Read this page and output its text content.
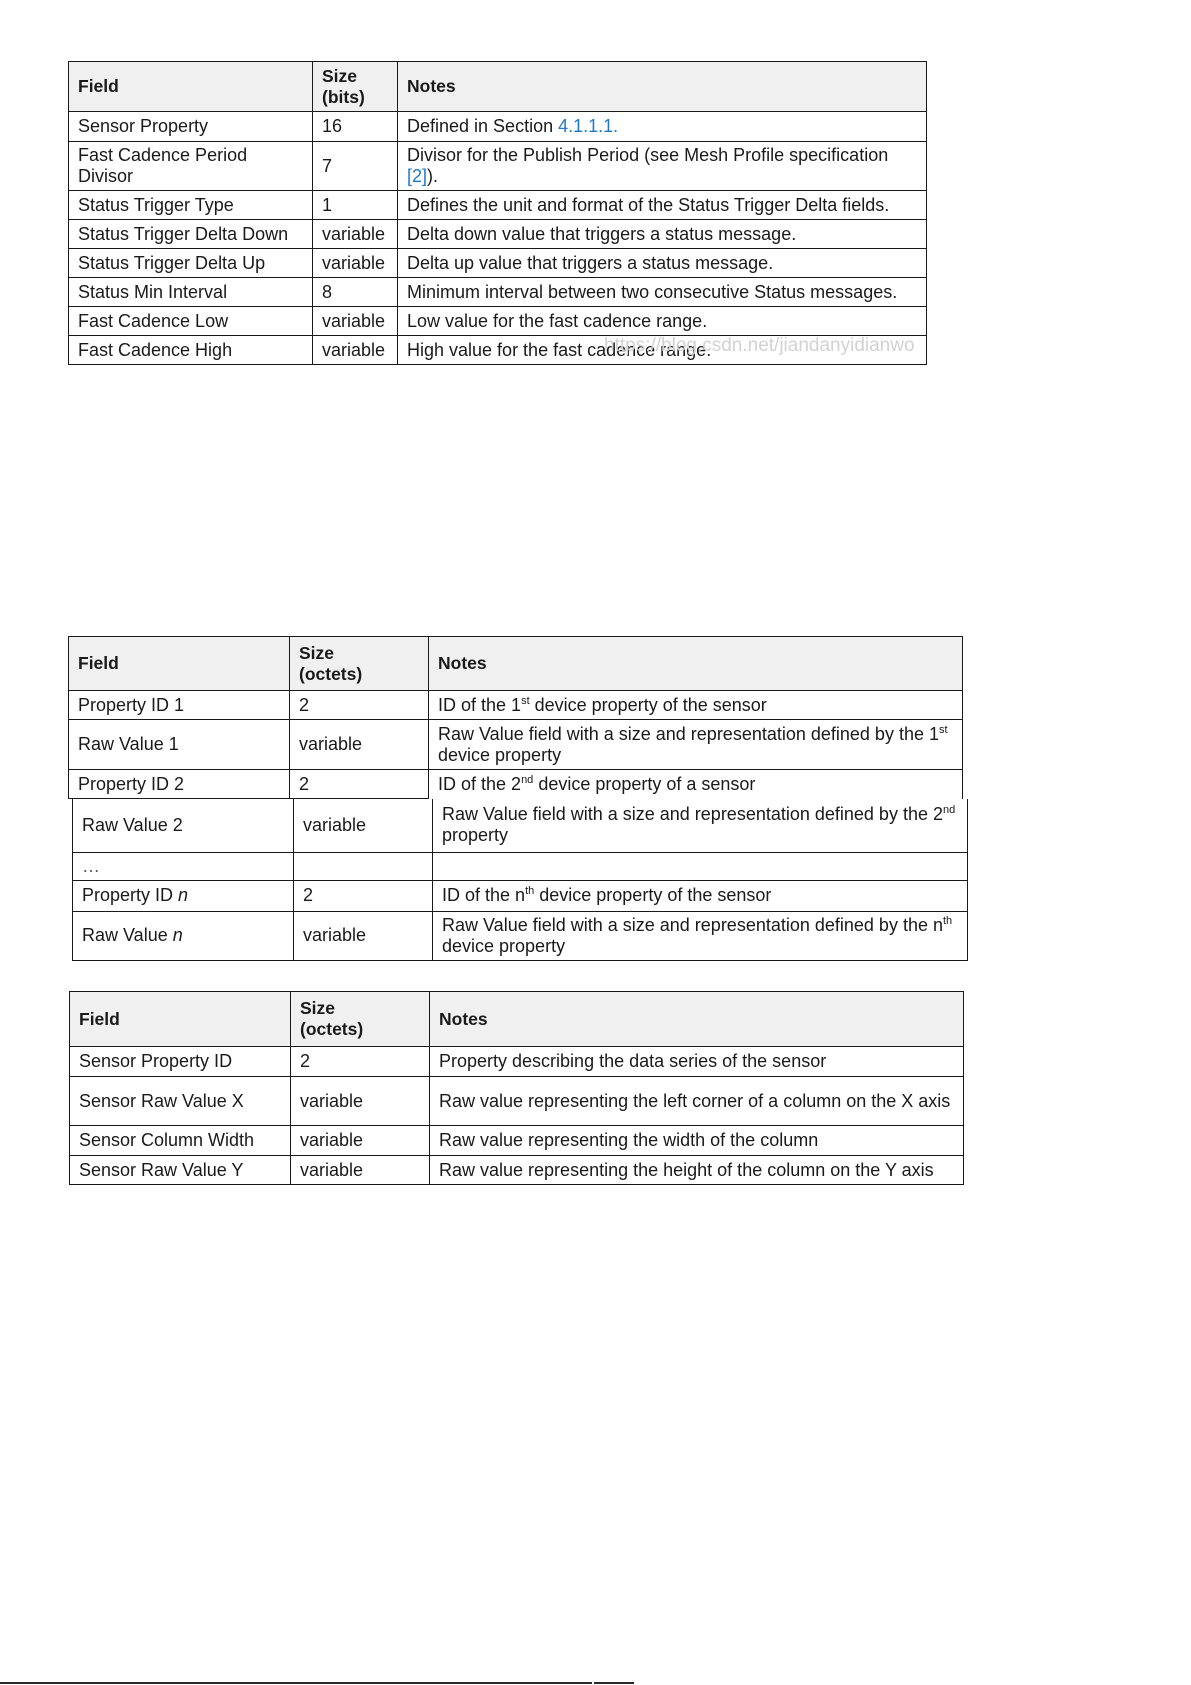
Field	Size (bits)	Notes
Sensor Property	16	Defined in Section 4.1.1.1.
Fast Cadence Period Divisor	7	Divisor for the Publish Period (see Mesh Profile specification [2]).
Status Trigger Type	1	Defines the unit and format of the Status Trigger Delta fields.
Status Trigger Delta Down	variable	Delta down value that triggers a status message.
Status Trigger Delta Up	variable	Delta up value that triggers a status message.
Status Min Interval	8	Minimum interval between two consecutive Status messages.
Fast Cadence Low	variable	Low value for the fast cadence range.
Fast Cadence High	variable	High value for the fast cadence range.
https://blog.csdn.net/jiandanyidianwo
Field	Size (octets)	Notes
Property ID 1	2	ID of the 1st device property of the sensor
Raw Value 1	variable	Raw Value field with a size and representation defined by the 1st device property
Property ID 2	2	ID of the 2nd device property of a sensor
Raw Value 2	variable	Raw Value field with a size and representation defined by the 2nd property
…		
Property ID n	2	ID of the $n^{th}$ device property of the sensor
Raw Value n	variable	Raw Value field with a size and representation defined by the $n^{th}$ device property
Field	Size (octets)	Notes
Sensor Property ID	2	Property describing the data series of the sensor
Sensor Raw Value X	variable	Raw value representing the left corner of a column on the X axis
Sensor Column Width	variable	Raw value representing the width of the column
Sensor Raw Value Y	variable	Raw value representing the height of the column on the Y axis
